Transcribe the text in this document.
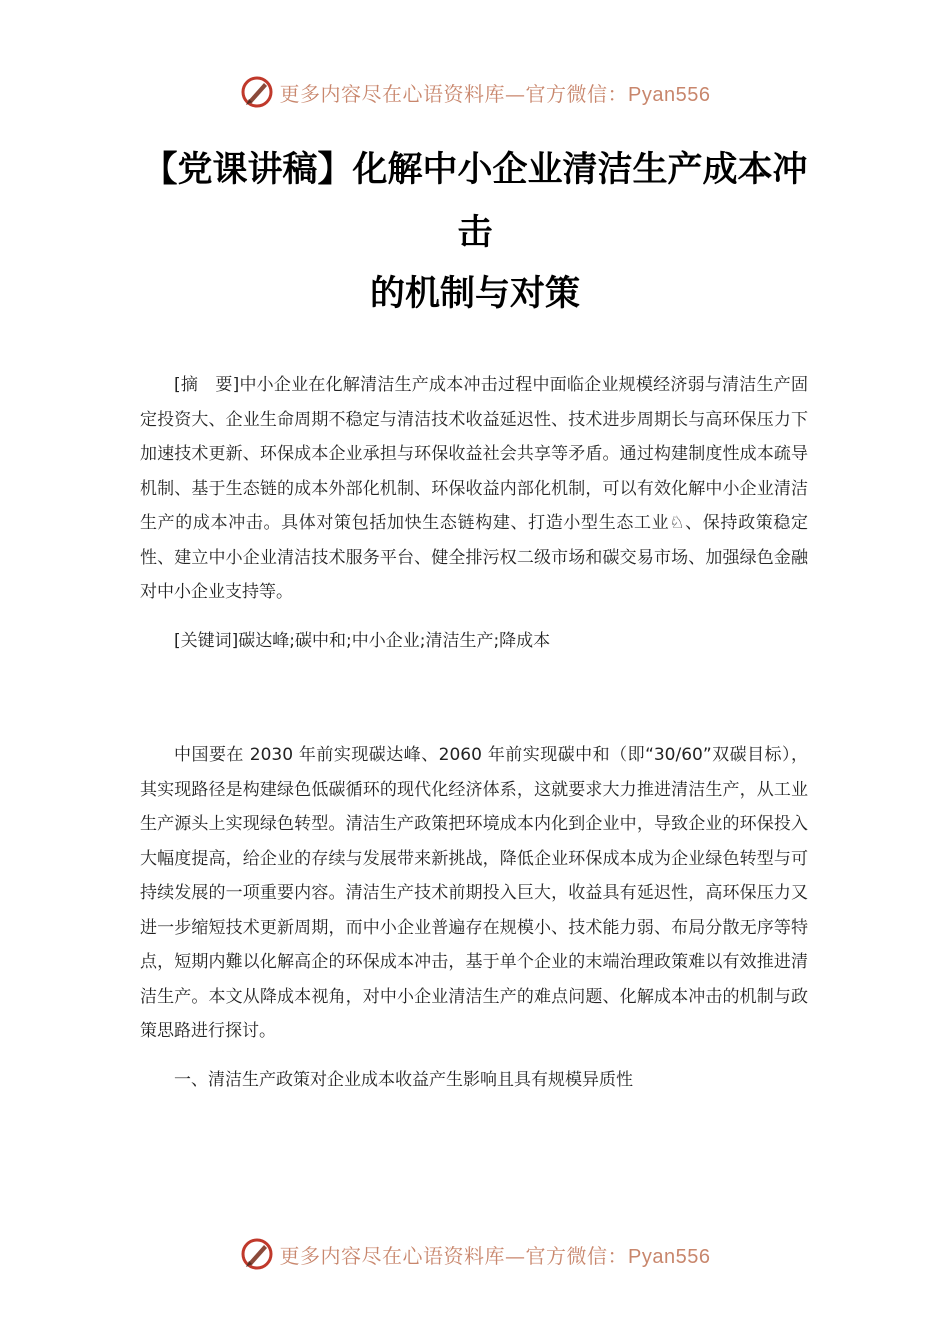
更多内容尽在心语资料库—官方微信：Pyan556
【党课讲稿】化解中小企业清洁生产成本冲
击
的机制与对策

[摘　要]中小企业在化解清洁生产成本冲击过程中面临企业规模经济弱与清洁生产固定投资大、企业生命周期不稳定与清洁技术收益延迟性、技术进步周期长与高环保压力下加速技术更新、环保成本企业承担与环保收益社会共享等矛盾。通过构建制度性成本疏导机制、基于生态链的成本外部化机制、环保收益内部化机制，可以有效化解中小企业清洁生产的成本冲击。具体对策包括加快生态链构建、打造小型生态工业♘、保持政策稳定性、建立中小企业清洁技术服务平台、健全排污权二级市场和碳交易市场、加强绿色金融对中小企业支持等。

[关键词]碳达峰;碳中和;中小企业;清洁生产;降成本

中国要在 2030 年前实现碳达峰、2060 年前实现碳中和（即“30/60”双碳目标），其实现路径是构建绿色低碳循环的现代化经济体系，这就要求大力推进清洁生产，从工业生产源头上实现绿色转型。清洁生产政策把环境成本内化到企业中，导致企业的环保投入大幅度提高，给企业的存续与发展带来新挑战，降低企业环保成本成为企业绿色转型与可持续发展的一项重要内容。清洁生产技术前期投入巨大，收益具有延迟性，高环保压力又进一步缩短技术更新周期，而中小企业普遍存在规模小、技术能力弱、布局分散无序等特点，短期内難以化解高企的环保成本冲击，基于单个企业的末端治理政策难以有效推进清洁生产。本文从降成本视角，对中小企业清洁生产的难点问题、化解成本冲击的机制与政策思路进行探讨。

一、清洁生产政策对企业成本收益产生影响且具有规模异质性

更多内容尽在心语资料库—官方微信：Pyan556
